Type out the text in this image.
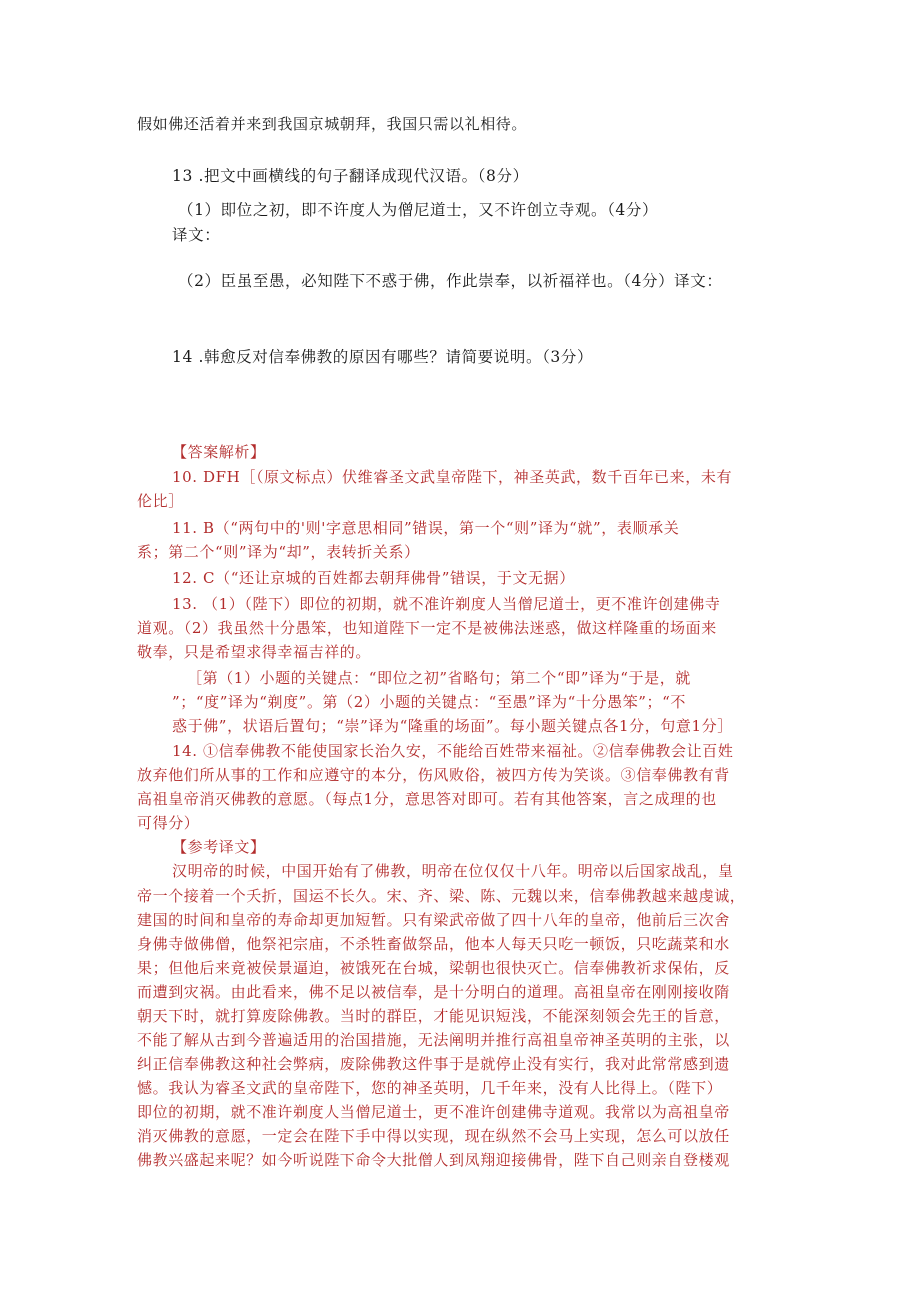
假如佛还活着并来到我国京城朝拜，我国只需以礼相待。
13 .把文中画横线的句子翻译成现代汉语。（8分）
（1）即位之初，即不许度人为僧尼道士，又不许创立寺观。（4分）
译文：
（2）臣虽至愚，必知陛下不惑于佛，作此崇奉，以祈福祥也。（4分）译文：
14 .韩愈反对信奉佛教的原因有哪些？请简要说明。（3分）
【答案解析】
10. DFH［（原文标点）伏维睿圣文武皇帝陛下，神圣英武，数千百年已来，未有
伦比］
11. B（“两句中的'则'字意思相同”错误，第一个“则”译为“就”，表顺承关
系；第二个“则”译为“却”，表转折关系）
12. C（“还让京城的百姓都去朝拜佛骨”错误，于文无据）
13. （1）（陛下）即位的初期，就不准许剃度人当僧尼道士，更不准许创建佛寺
道观。（2）我虽然十分愚笨，也知道陛下一定不是被佛法迷惑，做这样隆重的场面来
敬奉，只是希望求得幸福吉祥的。
［第（1）小题的关键点：“即位之初”省略句；第二个“即”译为“于是，就
”；“度”译为“剃度”。第（2）小题的关键点：“至愚”译为“十分愚笨”；“不
惑于佛”，状语后置句；“崇”译为“隆重的场面”。每小题关键点各1分，句意1分］
14. ①信奉佛教不能使国家长治久安，不能给百姓带来福祉。②信奉佛教会让百姓
放弃他们所从事的工作和应遵守的本分，伤风败俗，被四方传为笑谈。③信奉佛教有背
高祖皇帝消灭佛教的意愿。（每点1分，意思答对即可。若有其他答案，言之成理的也
可得分）
【参考译文】
汉明帝的时候，中国开始有了佛教，明帝在位仅仅十八年。明帝以后国家战乱，皇
帝一个接着一个夭折，国运不长久。宋、齐、梁、陈、元魏以来，信奉佛教越来越虔诚，
建国的时间和皇帝的寿命却更加短暂。只有梁武帝做了四十八年的皇帝，他前后三次舍
身佛寺做佛僧，他祭祀宗庙，不杀牲畜做祭品，他本人每天只吃一顿饭，只吃蔬菜和水
果；但他后来竟被侯景逼迫，被饿死在台城，梁朝也很快灭亡。信奉佛教祈求保佑，反
而遭到灾祸。由此看来，佛不足以被信奉，是十分明白的道理。高祖皇帝在刚刚接收隋
朝天下时，就打算废除佛教。当时的群臣，才能见识短浅，不能深刻领会先王的旨意，
不能了解从古到今普遍适用的治国措施，无法阐明并推行高祖皇帝神圣英明的主张，以
纠正信奉佛教这种社会弊病，废除佛教这件事于是就停止没有实行，我对此常常感到遗
憾。我认为睿圣文武的皇帝陛下，您的神圣英明，几千年来，没有人比得上。（陛下）
即位的初期，就不准许剃度人当僧尼道士，更不准许创建佛寺道观。我常以为高祖皇帝
消灭佛教的意愿，一定会在陛下手中得以实现，现在纵然不会马上实现，怎么可以放任
佛教兴盛起来呢？如今听说陛下命令大批僧人到凤翔迎接佛骨，陛下自己则亲自登楼观
